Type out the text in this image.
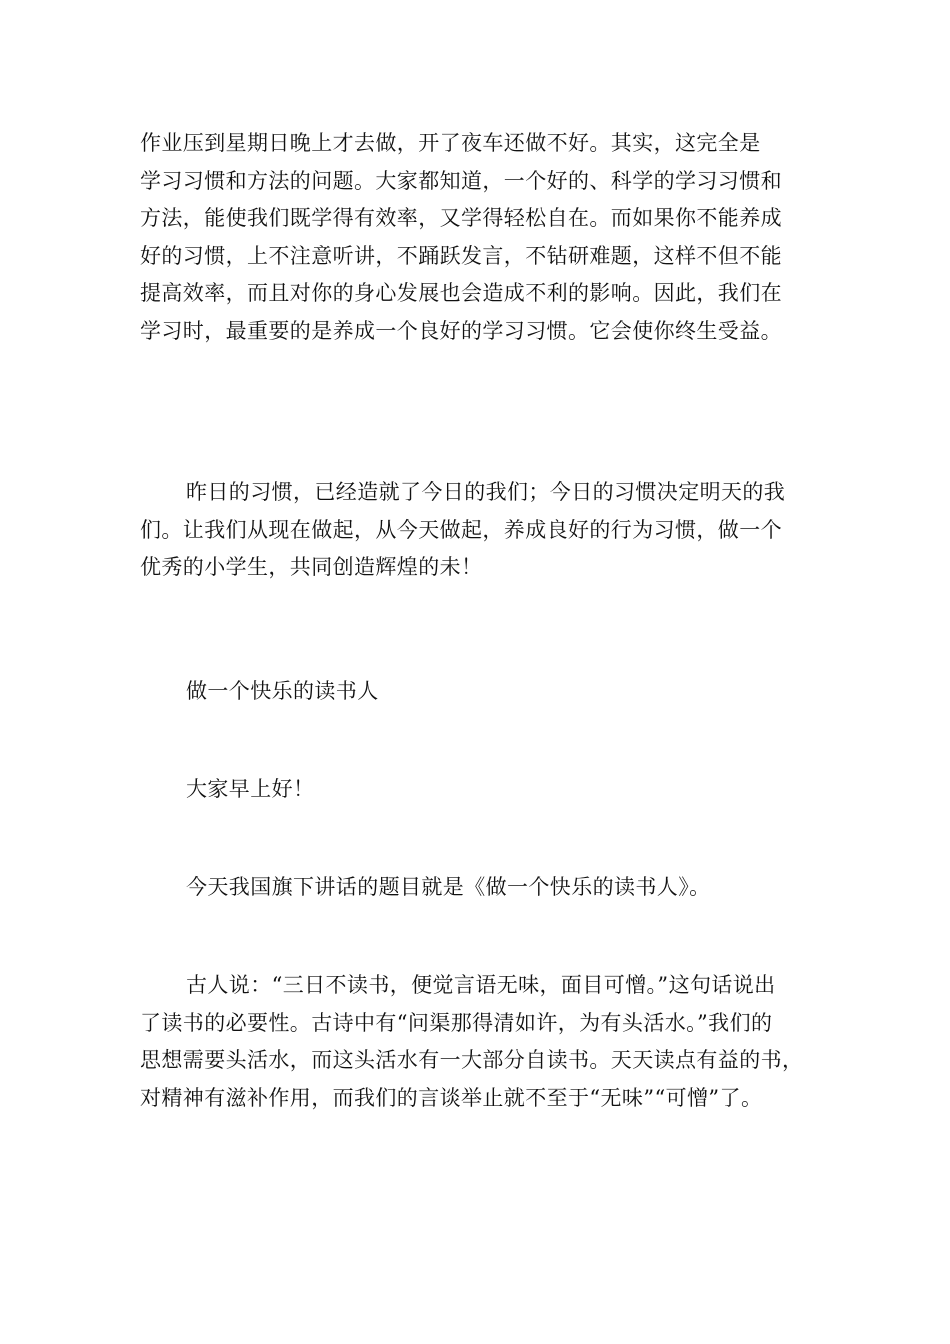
作业压到星期日晚上才去做，开了夜车还做不好。其实，这完全是
学习习惯和方法的问题。大家都知道，一个好的、科学的学习习惯和
方法，能使我们既学得有效率，又学得轻松自在。而如果你不能养成
好的习惯，上不注意听讲，不踊跃发言，不钻研难题，这样不但不能
提高效率，而且对你的身心发展也会造成不利的影响。因此，我们在
学习时，最重要的是养成一个良好的学习习惯。它会使你终生受益。
昨日的习惯，已经造就了今日的我们；今日的习惯决定明天的我
们。让我们从现在做起，从今天做起，养成良好的行为习惯，做一个
优秀的小学生，共同创造辉煌的未！
做一个快乐的读书人
大家早上好！
今天我国旗下讲话的题目就是《做一个快乐的读书人》。
古人说：“三日不读书，便觉言语无味，面目可憎。”这句话说出
了读书的必要性。古诗中有“问渠那得清如许，为有头活水。”我们的
思想需要头活水，而这头活水有一大部分自读书。天天读点有益的书，
对精神有滋补作用，而我们的言谈举止就不至于“无味”“可憎”了。
